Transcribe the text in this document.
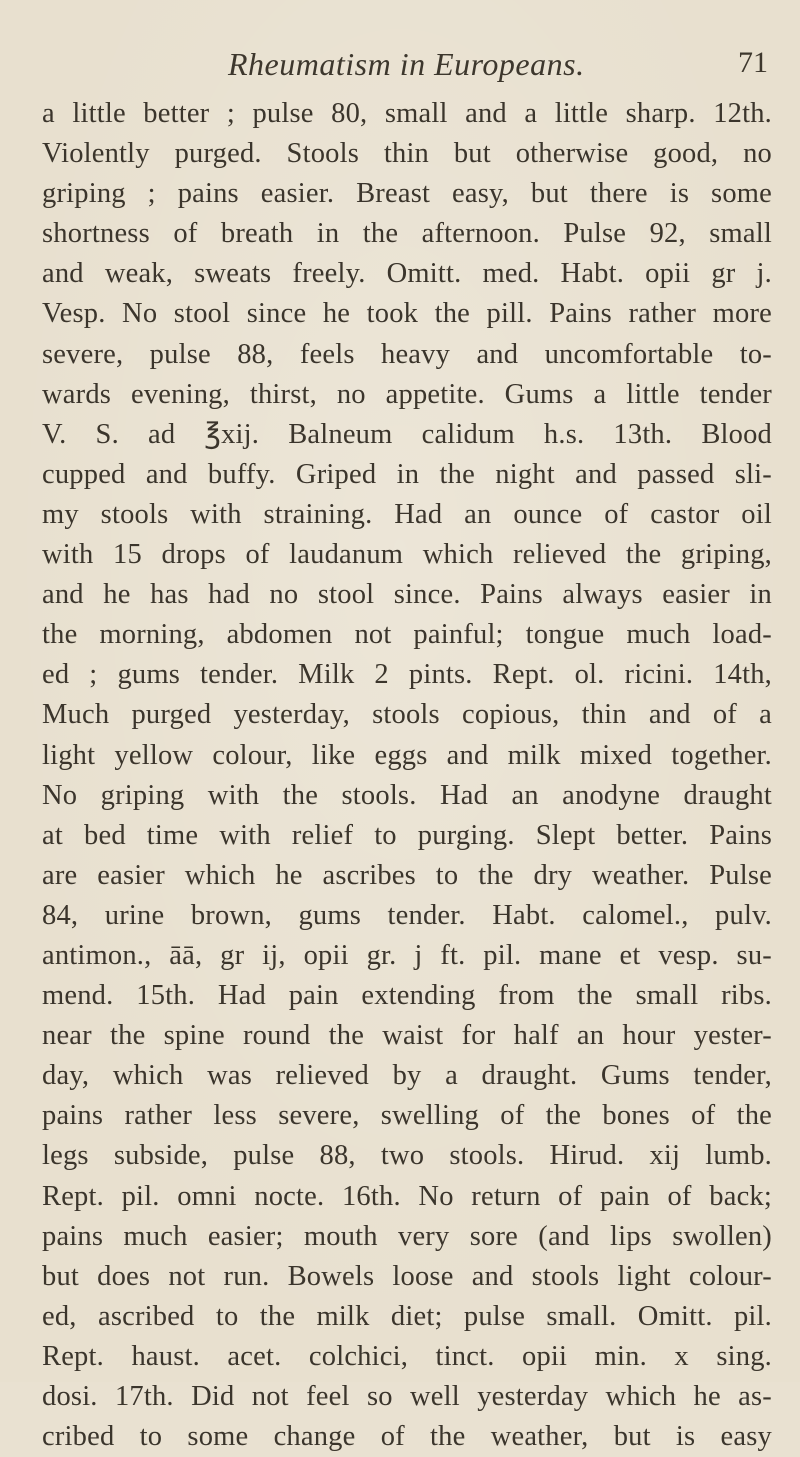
Rheumatism in Europeans.	71
a little better ; pulse 80, small and a little sharp. 12th.
Violently purged. Stools thin but otherwise good, no
griping ; pains easier. Breast easy, but there is some
shortness of breath in the afternoon. Pulse 92, small
and weak, sweats freely. Omitt. med. Habt. opii gr j.
Vesp. No stool since he took the pill. Pains rather more
severe, pulse 88, feels heavy and uncomfortable to-
wards evening, thirst, no appetite. Gums a little tender
V. S. ad ℥xij. Balneum calidum h.s. 13th. Blood
cupped and buffy. Griped in the night and passed sli-
my stools with straining. Had an ounce of castor oil
with 15 drops of laudanum which relieved the griping,
and he has had no stool since. Pains always easier in
the morning, abdomen not painful; tongue much load-
ed ; gums tender. Milk 2 pints. Rept. ol. ricini. 14th,
Much purged yesterday, stools copious, thin and of a
light yellow colour, like eggs and milk mixed together.
No griping with the stools. Had an anodyne draught
at bed time with relief to purging. Slept better. Pains
are easier which he ascribes to the dry weather. Pulse
84, urine brown, gums tender. Habt. calomel., pulv.
antimon., āā, gr ij, opii gr. j ft. pil. mane et vesp. su-
mend. 15th. Had pain extending from the small ribs.
near the spine round the waist for half an hour yester-
day, which was relieved by a draught. Gums tender,
pains rather less severe, swelling of the bones of the
legs subside, pulse 88, two stools. Hirud. xij lumb.
Rept. pil. omni nocte. 16th. No return of pain of back;
pains much easier; mouth very sore (and lips swollen)
but does not run. Bowels loose and stools light colour-
ed, ascribed to the milk diet; pulse small. Omitt. pil.
Rept. haust. acet. colchici, tinct. opii min. x sing.
dosi. 17th. Did not feel so well yesterday which he as-
cribed to some change of the weather, but is easy
